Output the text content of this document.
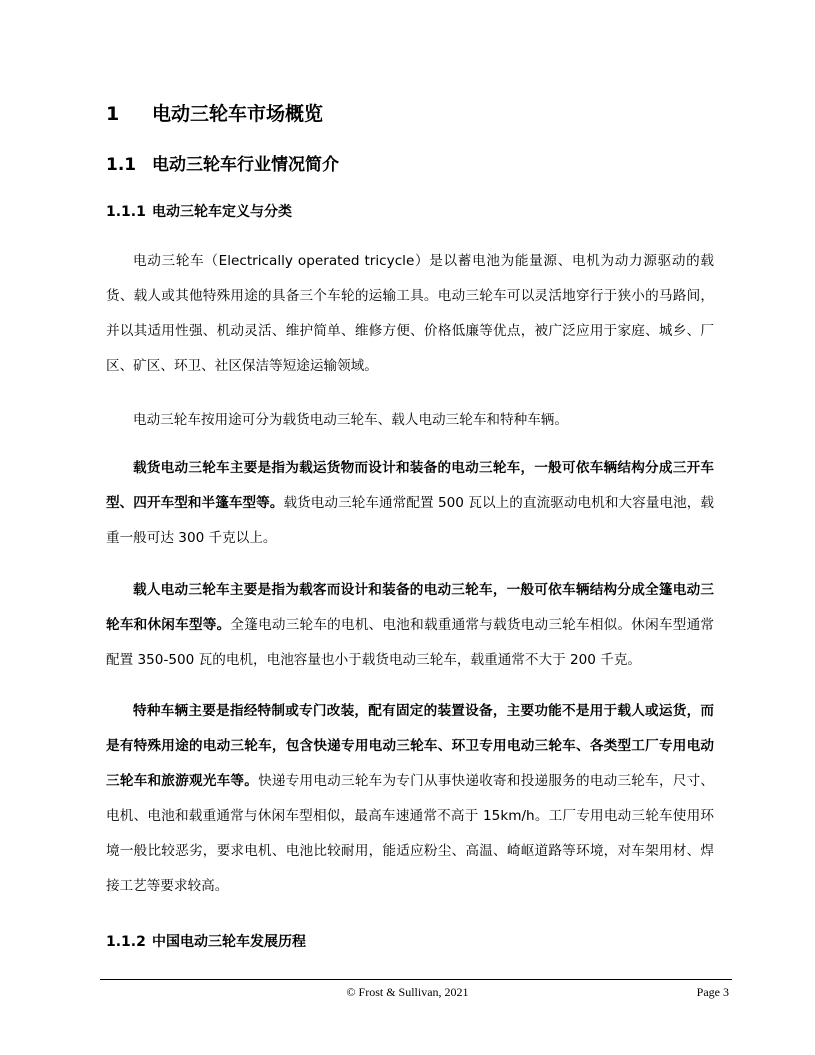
1 电动三轮车市场概览
1.1 电动三轮车行业情况简介
1.1.1 电动三轮车定义与分类

电动三轮车（Electrically operated tricycle）是以蓄电池为能量源、电机为动力源驱动的载货、载人或其他特殊用途的具备三个车轮的运输工具。电动三轮车可以灵活地穿行于狭小的马路间，并以其适用性强、机动灵活、维护简单、维修方便、价格低廉等优点，被广泛应用于家庭、城乡、厂区、矿区、环卫、社区保洁等短途运输领域。

电动三轮车按用途可分为载货电动三轮车、载人电动三轮车和特种车辆。

载货电动三轮车主要是指为载运货物而设计和装备的电动三轮车，一般可依车辆结构分成三开车型、四开车型和半篷车型等。载货电动三轮车通常配置 500 瓦以上的直流驱动电机和大容量电池，载重一般可达 300 千克以上。

载人电动三轮车主要是指为载客而设计和装备的电动三轮车，一般可依车辆结构分成全篷电动三轮车和休闲车型等。全篷电动三轮车的电机、电池和载重通常与载货电动三轮车相似。休闲车型通常配置 350-500 瓦的电机，电池容量也小于载货电动三轮车，载重通常不大于 200 千克。

特种车辆主要是指经特制或专门改装，配有固定的装置设备，主要功能不是用于载人或运货，而是有特殊用途的电动三轮车，包含快递专用电动三轮车、环卫专用电动三轮车、各类型工厂专用电动三轮车和旅游观光车等。快递专用电动三轮车为专门从事快递收寄和投递服务的电动三轮车，尺寸、电机、电池和载重通常与休闲车型相似，最高车速通常不高于 15km/h。工厂专用电动三轮车使用环境一般比较恶劣，要求电机、电池比较耐用，能适应粉尘、高温、崎岖道路等环境，对车架用材、焊接工艺等要求较高。

1.1.2 中国电动三轮车发展历程
© Frost & Sullivan, 2021	Page 3
